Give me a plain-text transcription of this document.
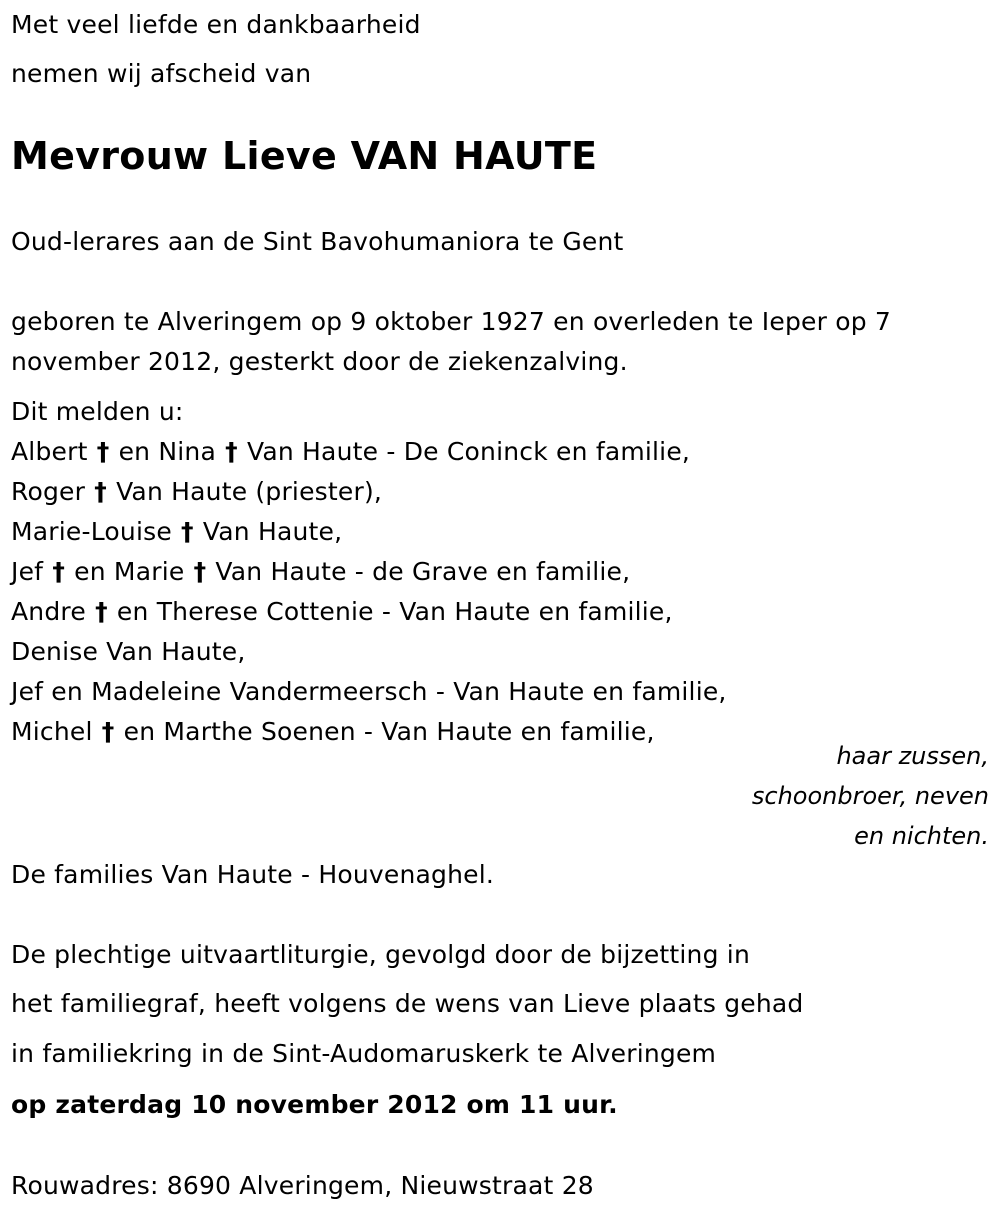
Met veel liefde en dankbaarheid
nemen wij afscheid van
Mevrouw Lieve VAN HAUTE
Oud-lerares aan de Sint Bavohumaniora te Gent
geboren te Alveringem op 9 oktober 1927 en overleden te Ieper op 7
november 2012, gesterkt door de ziekenzalving.
Dit melden u:
Albert † en Nina † Van Haute - De Coninck en familie,
Roger † Van Haute (priester),
Marie-Louise † Van Haute,
Jef † en Marie † Van Haute - de Grave en familie,
Andre † en Therese Cottenie - Van Haute en familie,
Denise Van Haute,
Jef en Madeleine Vandermeersch - Van Haute en familie,
Michel † en Marthe Soenen - Van Haute en familie,
haar zussen,
schoonbroer, neven
en nichten.
De families Van Haute - Houvenaghel.
De plechtige uitvaartliturgie, gevolgd door de bijzetting in
het familiegraf, heeft volgens de wens van Lieve plaats gehad
in familiekring in de Sint-Audomaruskerk te Alveringem
op zaterdag 10 november 2012 om 11 uur.
Rouwadres: 8690 Alveringem, Nieuwstraat 28
